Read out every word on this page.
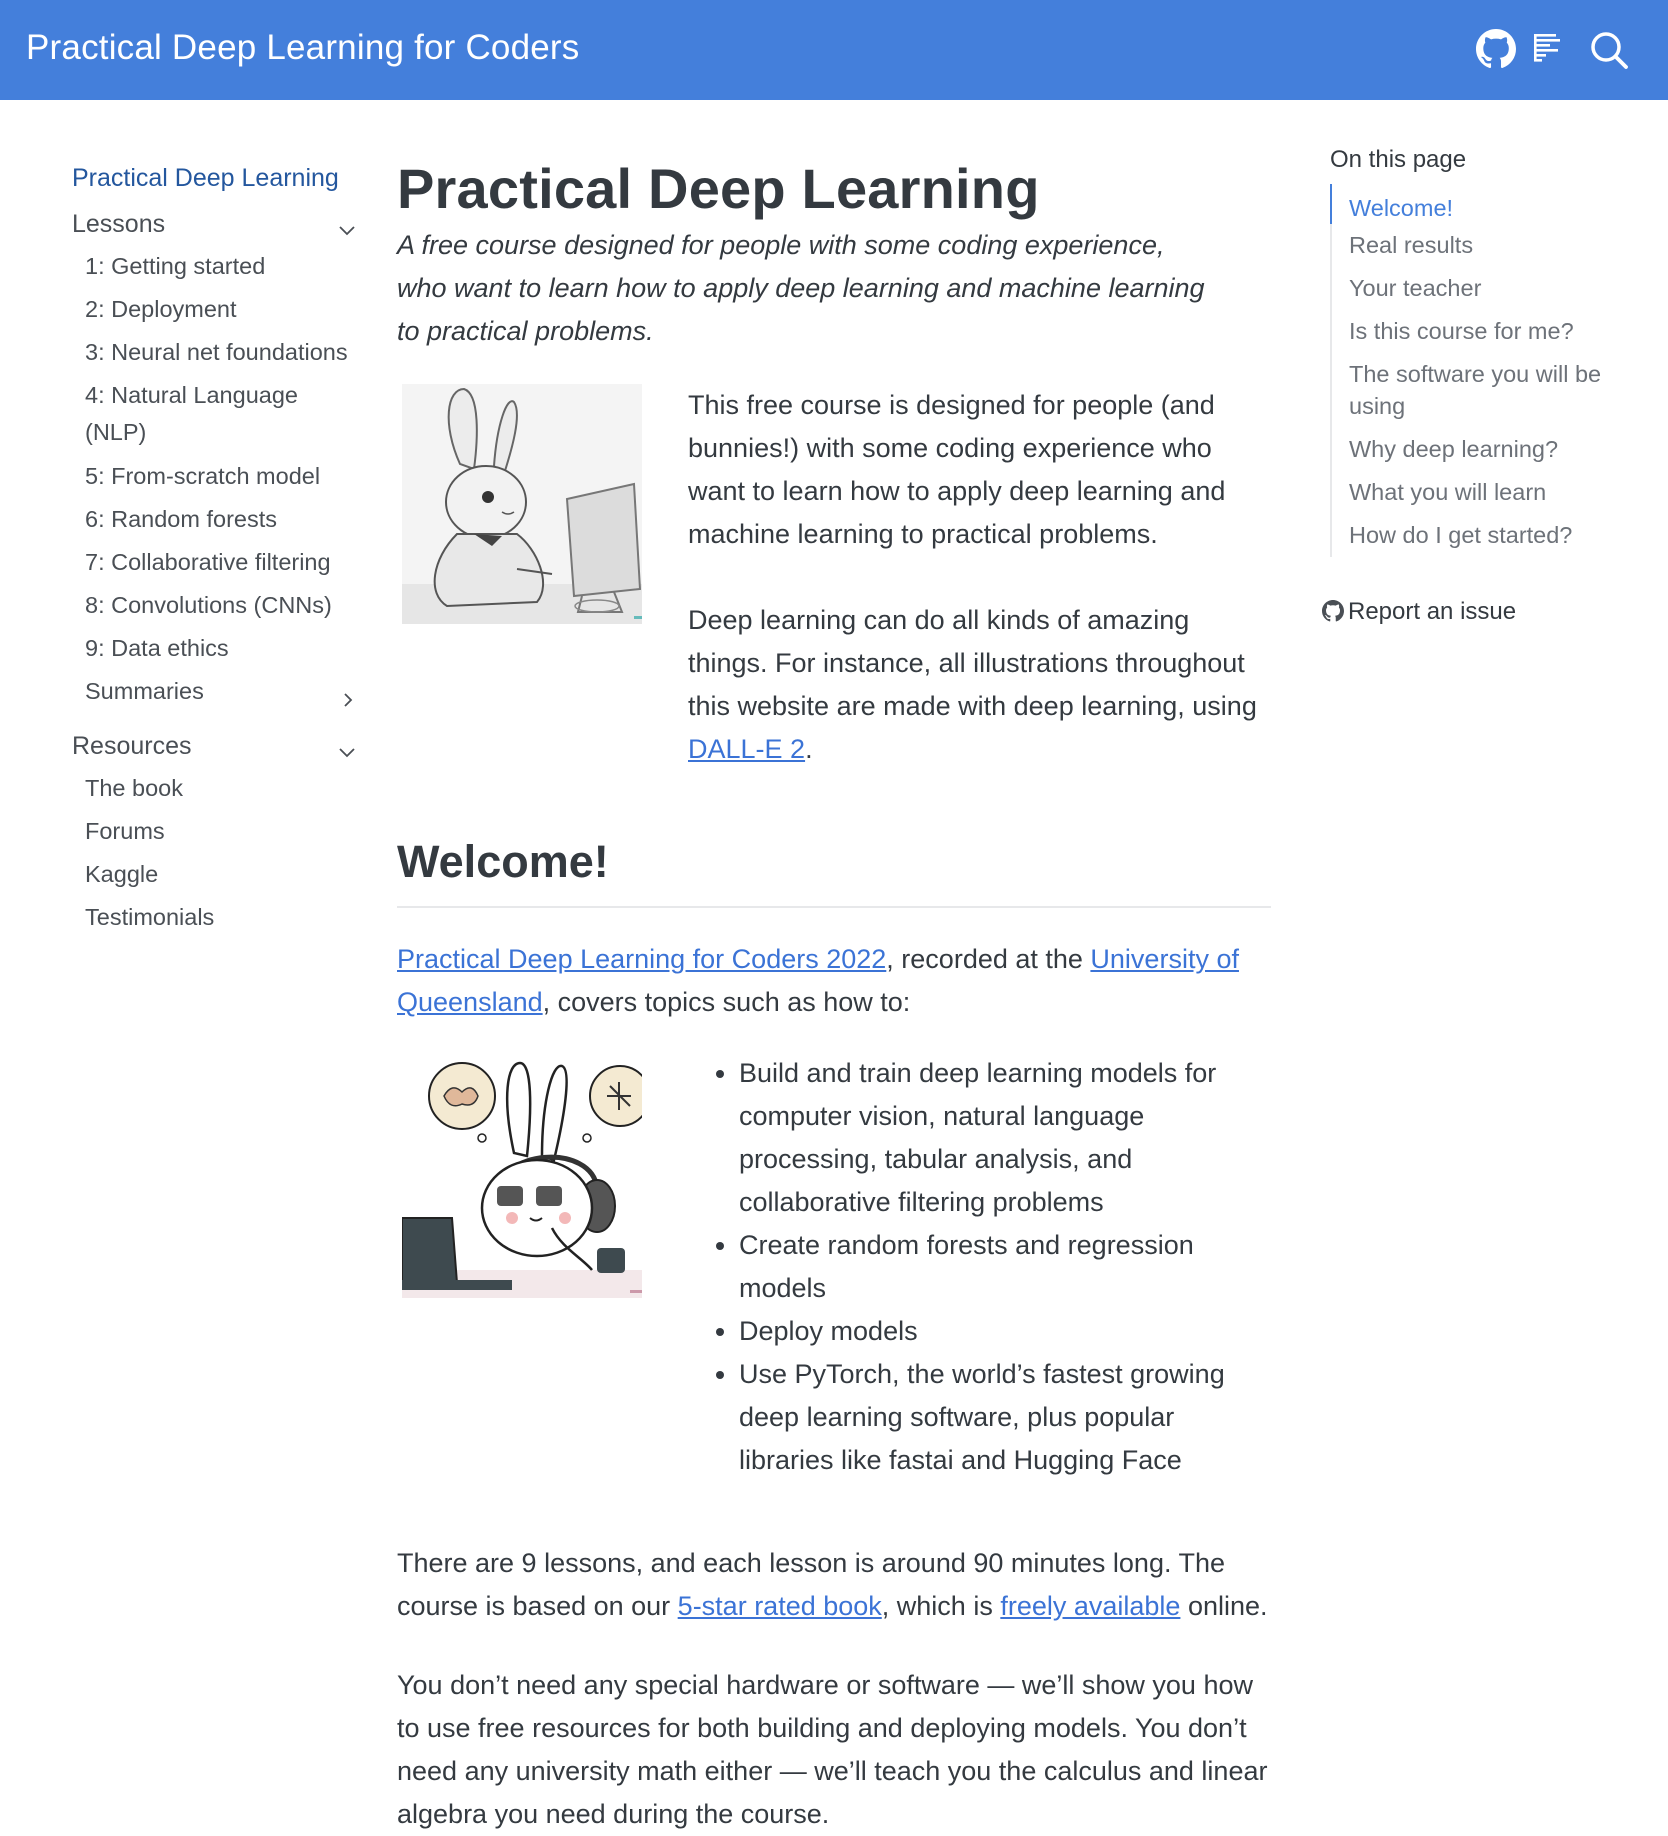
Practical Deep Learning for Coders
Practical Deep Learning
Lessons
1: Getting started
2: Deployment
3: Neural net foundations
4: Natural Language (NLP)
5: From-scratch model
6: Random forests
7: Collaborative filtering
8: Convolutions (CNNs)
9: Data ethics
Summaries
Resources
The book
Forums
Kaggle
Testimonials
Practical Deep Learning

A free course designed for people with some coding experience, who want to learn how to apply deep learning and machine learning to practical problems.

This free course is designed for people (and bunnies!) with some coding experience who want to learn how to apply deep learning and machine learning to practical problems.

Deep learning can do all kinds of amazing things. For instance, all illustrations throughout this website are made with deep learning, using DALL-E 2.

Welcome!

Practical Deep Learning for Coders 2022, recorded at the University of Queensland, covers topics such as how to:

Build and train deep learning models for computer vision, natural language processing, tabular analysis, and collaborative filtering problems
Create random forests and regression models
Deploy models
Use PyTorch, the world’s fastest growing deep learning software, plus popular libraries like fastai and Hugging Face

There are 9 lessons, and each lesson is around 90 minutes long. The course is based on our 5-star rated book, which is freely available online.

You don’t need any special hardware or software — we’ll show you how to use free resources for both building and deploying models. You don’t need any university math either — we’ll teach you the calculus and linear algebra you need during the course.

On this page
Welcome!
Real results
Your teacher
Is this course for me?
The software you will be using
Why deep learning?
What you will learn
How do I get started?
Report an issue
